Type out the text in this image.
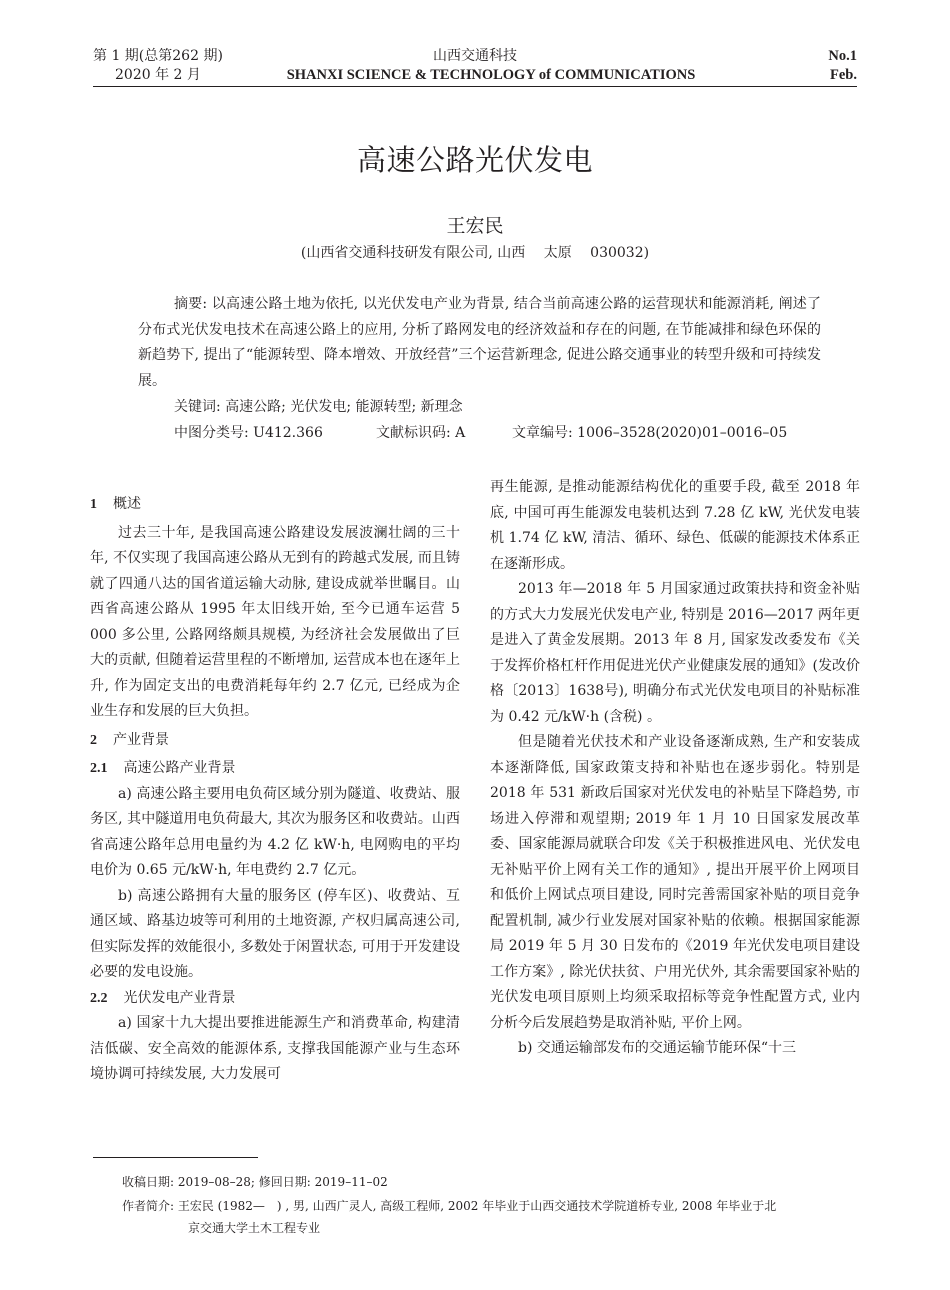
第 1 期(总第262 期)
2020 年 2 月
山西交通科技
SHANXI SCIENCE & TECHNOLOGY of COMMUNICATIONS
No.1
Feb.
高速公路光伏发电
王宏民
(山西省交通科技研发有限公司, 山西　 太原　 030032)

摘要: 以高速公路土地为依托, 以光伏发电产业为背景, 结合当前高速公路的运营现状和能源消耗, 阐述了分布式光伏发电技术在高速公路上的应用, 分析了路网发电的经济效益和存在的问题, 在节能减排和绿色环保的新趋势下, 提出了“能源转型、降本增效、开放经营”三个运营新理念, 促进公路交通事业的转型升级和可持续发展。

关键词: 高速公路; 光伏发电; 能源转型; 新理念
中图分类号: U412.366	文献标识码: A	文章编号: 1006–3528(2020)01–0016–05

1 概述

过去三十年, 是我国高速公路建设发展波澜壮阔的三十年, 不仅实现了我国高速公路从无到有的跨越式发展, 而且铸就了四通八达的国省道运输大动脉, 建设成就举世瞩目。山西省高速公路从 1995 年太旧线开始, 至今已通车运营 5 000 多公里, 公路网络颇具规模, 为经济社会发展做出了巨大的贡献, 但随着运营里程的不断增加, 运营成本也在逐年上升, 作为固定支出的电费消耗每年约 2.7 亿元, 已经成为企业生存和发展的巨大负担。

2 产业背景

2.1 高速公路产业背景

a) 高速公路主要用电负荷区域分别为隧道、收费站、服务区, 其中隧道用电负荷最大, 其次为服务区和收费站。山西省高速公路年总用电量约为 4.2 亿 kW·h, 电网购电的平均电价为 0.65 元/kW·h, 年电费约 2.7 亿元。

b) 高速公路拥有大量的服务区 (停车区)、收费站、互通区域、路基边坡等可利用的土地资源, 产权归属高速公司, 但实际发挥的效能很小, 多数处于闲置状态, 可用于开发建设必要的发电设施。

2.2 光伏发电产业背景

a) 国家十九大提出要推进能源生产和消费革命, 构建清洁低碳、安全高效的能源体系, 支撑我国能源产业与生态环境协调可持续发展, 大力发展可

再生能源, 是推动能源结构优化的重要手段, 截至 2018 年底, 中国可再生能源发电装机达到 7.28 亿 kW, 光伏发电装机 1.74 亿 kW, 清洁、循环、绿色、低碳的能源技术体系正在逐渐形成。

2013 年—2018 年 5 月国家通过政策扶持和资金补贴的方式大力发展光伏发电产业, 特别是 2016—2017 两年更是进入了黄金发展期。2013 年 8 月, 国家发改委发布《关于发挥价格杠杆作用促进光伏产业健康发展的通知》(发改价格〔2013〕1638号), 明确分布式光伏发电项目的补贴标准为 0.42 元/kW·h (含税) 。

但是随着光伏技术和产业设备逐渐成熟, 生产和安装成本逐渐降低, 国家政策支持和补贴也在逐步弱化。特别是 2018 年 531 新政后国家对光伏发电的补贴呈下降趋势, 市场进入停滞和观望期; 2019 年 1 月 10 日国家发展改革委、国家能源局就联合印发《关于积极推进风电、光伏发电无补贴平价上网有关工作的通知》, 提出开展平价上网项目和低价上网试点项目建设, 同时完善需国家补贴的项目竞争配置机制, 减少行业发展对国家补贴的依赖。根据国家能源局 2019 年 5 月 30 日发布的《2019 年光伏发电项目建设工作方案》, 除光伏扶贫、户用光伏外, 其余需要国家补贴的光伏发电项目原则上均须采取招标等竞争性配置方式, 业内分析今后发展趋势是取消补贴, 平价上网。

b) 交通运输部发布的交通运输节能环保“十三

收稿日期: 2019–08–28; 修回日期: 2019–11–02
作者简介: 王宏民 (1982—　) , 男, 山西广灵人, 高级工程师, 2002 年毕业于山西交通技术学院道桥专业, 2008 年毕业于北
京交通大学土木工程专业
